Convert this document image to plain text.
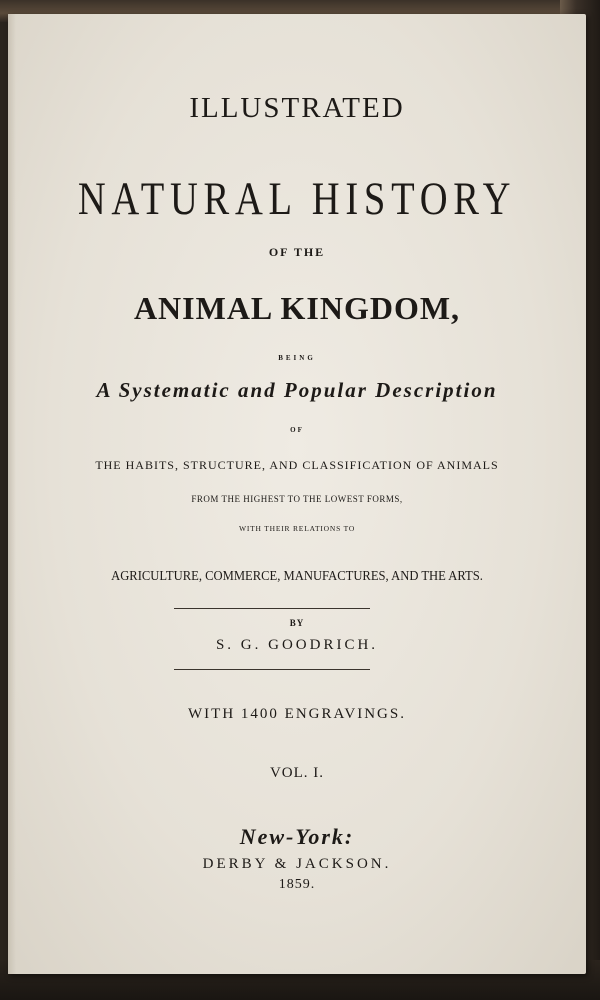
ILLUSTRATED
NATURAL HISTORY
OF THE
ANIMAL KINGDOM,
BEING
A Systematic and Popular Description
OF
THE HABITS, STRUCTURE, AND CLASSIFICATION OF ANIMALS
FROM THE HIGHEST TO THE LOWEST FORMS,
WITH THEIR RELATIONS TO
AGRICULTURE, COMMERCE, MANUFACTURES, AND THE ARTS.
BY
S. G. GOODRICH.
WITH 1400 ENGRAVINGS.
VOL. I.
New-York:
DERBY & JACKSON.
1859.
